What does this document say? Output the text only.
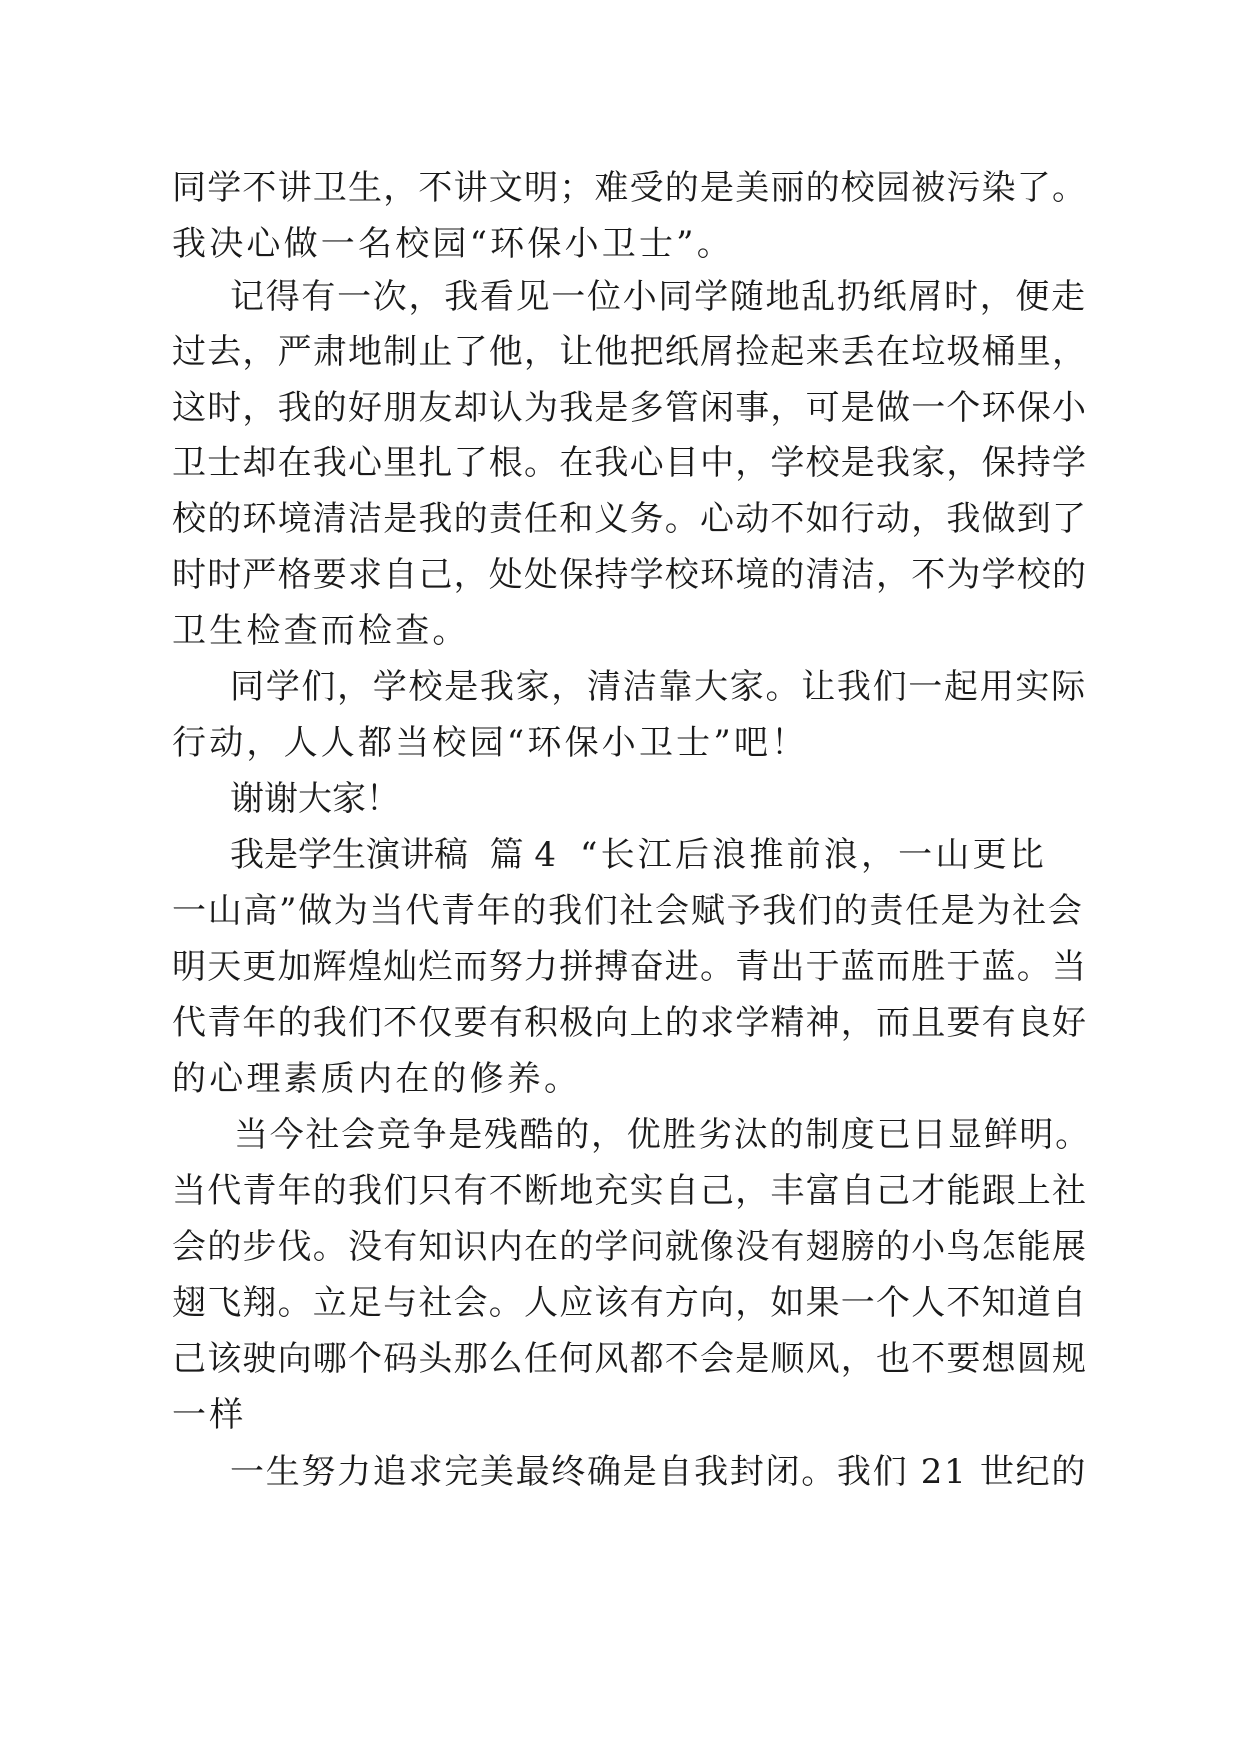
同学不讲卫生，不讲文明；难受的是美丽的校园被污染了。
我决心做一名校园“环保小卫士”。
记得有一次，我看见一位小同学随地乱扔纸屑时，便走
过去，严肃地制止了他，让他把纸屑捡起来丢在垃圾桶里，
这时，我的好朋友却认为我是多管闲事，可是做一个环保小
卫士却在我心里扎了根。在我心目中，学校是我家，保持学
校的环境清洁是我的责任和义务。心动不如行动，我做到了
时时严格要求自己，处处保持学校环境的清洁，不为学校的
卫生检查而检查。
同学们，学校是我家，清洁靠大家。让我们一起用实际
行动，人人都当校园“环保小卫士”吧！
谢谢大家！
我是学生演讲稿  篇 4 “长江后浪推前浪，一山更比
一山高”做为当代青年的我们社会赋予我们的责任是为社会
明天更加辉煌灿烂而努力拼搏奋进。青出于蓝而胜于蓝。当
代青年的我们不仅要有积极向上的求学精神，而且要有良好
的心理素质内在的修养。
当今社会竞争是残酷的，优胜劣汰的制度已日显鲜明。
当代青年的我们只有不断地充实自己，丰富自己才能跟上社
会的步伐。没有知识内在的学问就像没有翅膀的小鸟怎能展
翅飞翔。立足与社会。人应该有方向，如果一个人不知道自
己该驶向哪个码头那么任何风都不会是顺风，也不要想圆规
一样
一生努力追求完美最终确是自我封闭。我们 21 世纪的
